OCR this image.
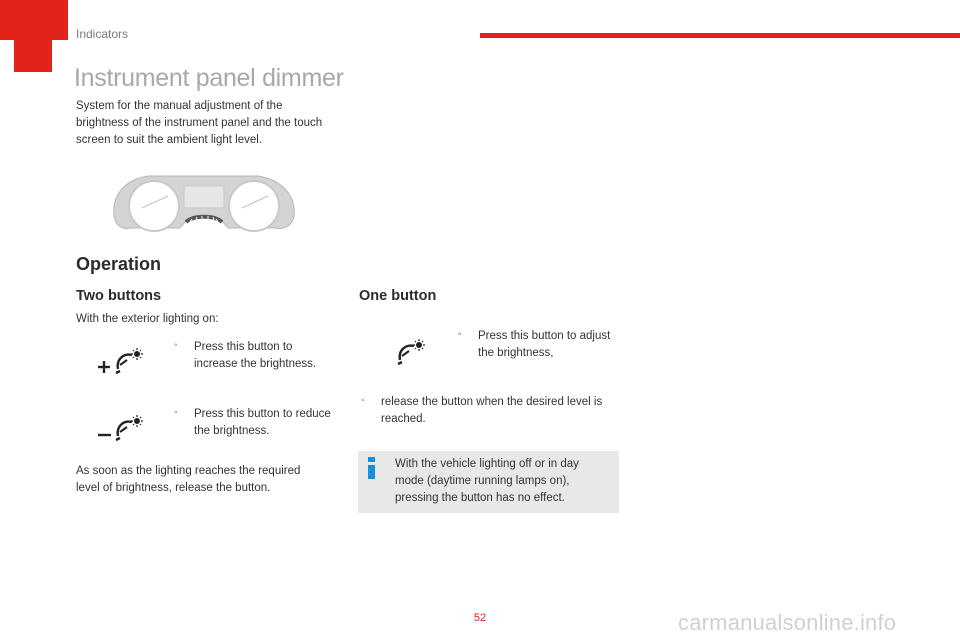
Indicators
Instrument panel dimmer
System for the manual adjustment of the brightness of the instrument panel and the touch screen to suit the ambient light level.
Operation
Two buttons
With the exterior lighting on:
◦	Press this button to increase the brightness.
◦	Press this button to reduce the brightness.
As soon as the lighting reaches the required level of brightness, release the button.
One button
◦	Press this button to adjust the brightness,
◦	release the button when the desired level is reached.
With the vehicle lighting off or in day mode (daytime running lamps on), pressing the button has no effect.
52	carmanualsonline.info
